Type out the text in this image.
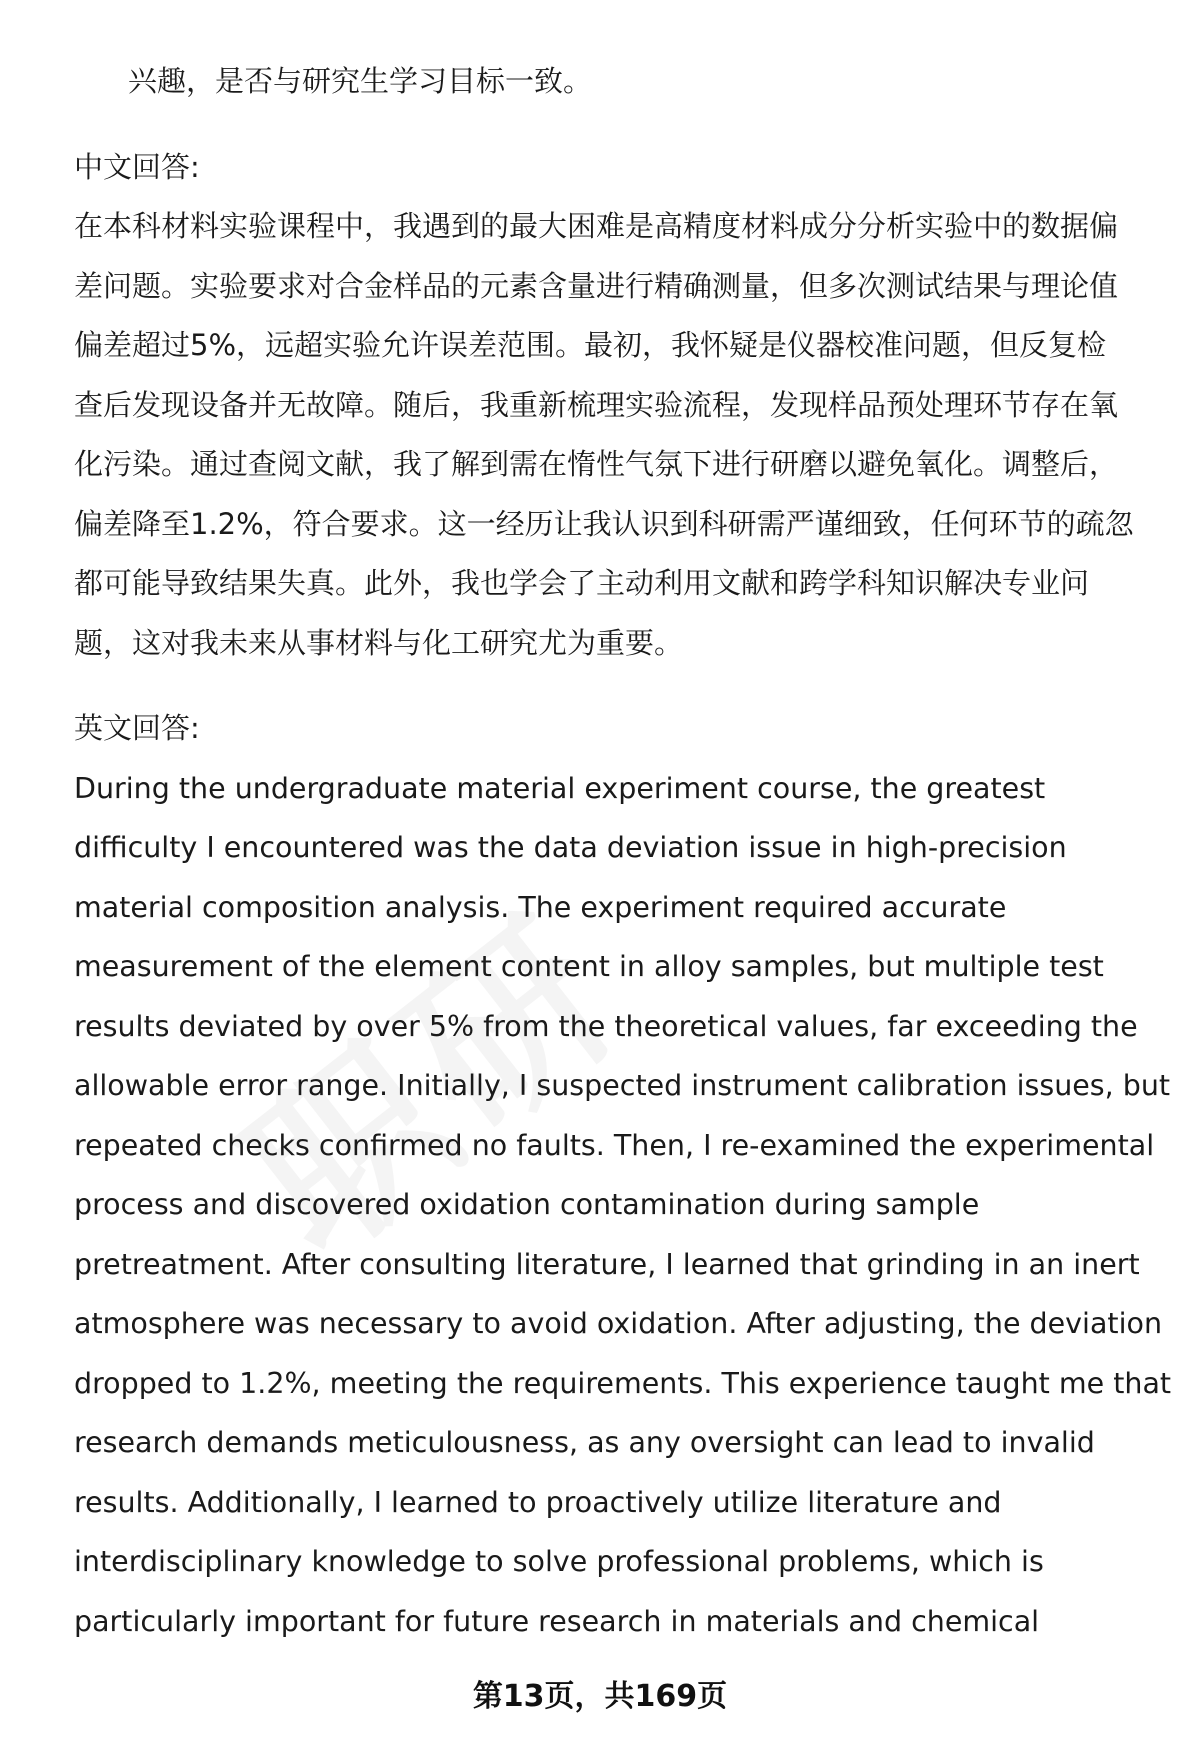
兴趣，是否与研究生学习目标一致。

中文回答:

在本科材料实验课程中，我遇到的最大困难是高精度材料成分分析实验中的数据偏

差问题。实验要求对合金样品的元素含量进行精确测量，但多次测试结果与理论值

偏差超过5%，远超实验允许误差范围。最初，我怀疑是仪器校准问题，但反复检

查后发现设备并无故障。随后，我重新梳理实验流程，发现样品预处理环节存在氧

化污染。通过查阅文献，我了解到需在惰性气氛下进行研磨以避免氧化。调整后，

偏差降至1.2%，符合要求。这一经历让我认识到科研需严谨细致，任何环节的疏忽

都可能导致结果失真。此外，我也学会了主动利用文献和跨学科知识解决专业问

题，这对我未来从事材料与化工研究尤为重要。

英文回答:

During the undergraduate material experiment course, the greatest

difficulty I encountered was the data deviation issue in high-precision

material composition analysis. The experiment required accurate

measurement of the element content in alloy samples, but multiple test

results deviated by over 5% from the theoretical values, far exceeding the

allowable error range. Initially, I suspected instrument calibration issues, but

repeated checks confirmed no faults. Then, I re-examined the experimental

process and discovered oxidation contamination during sample

pretreatment. After consulting literature, I learned that grinding in an inert

atmosphere was necessary to avoid oxidation. After adjusting, the deviation

dropped to 1.2%, meeting the requirements. This experience taught me that

research demands meticulousness, as any oversight can lead to invalid

results. Additionally, I learned to proactively utilize literature and

interdisciplinary knowledge to solve professional problems, which is

particularly important for future research in materials and chemical

第13页，共169页
